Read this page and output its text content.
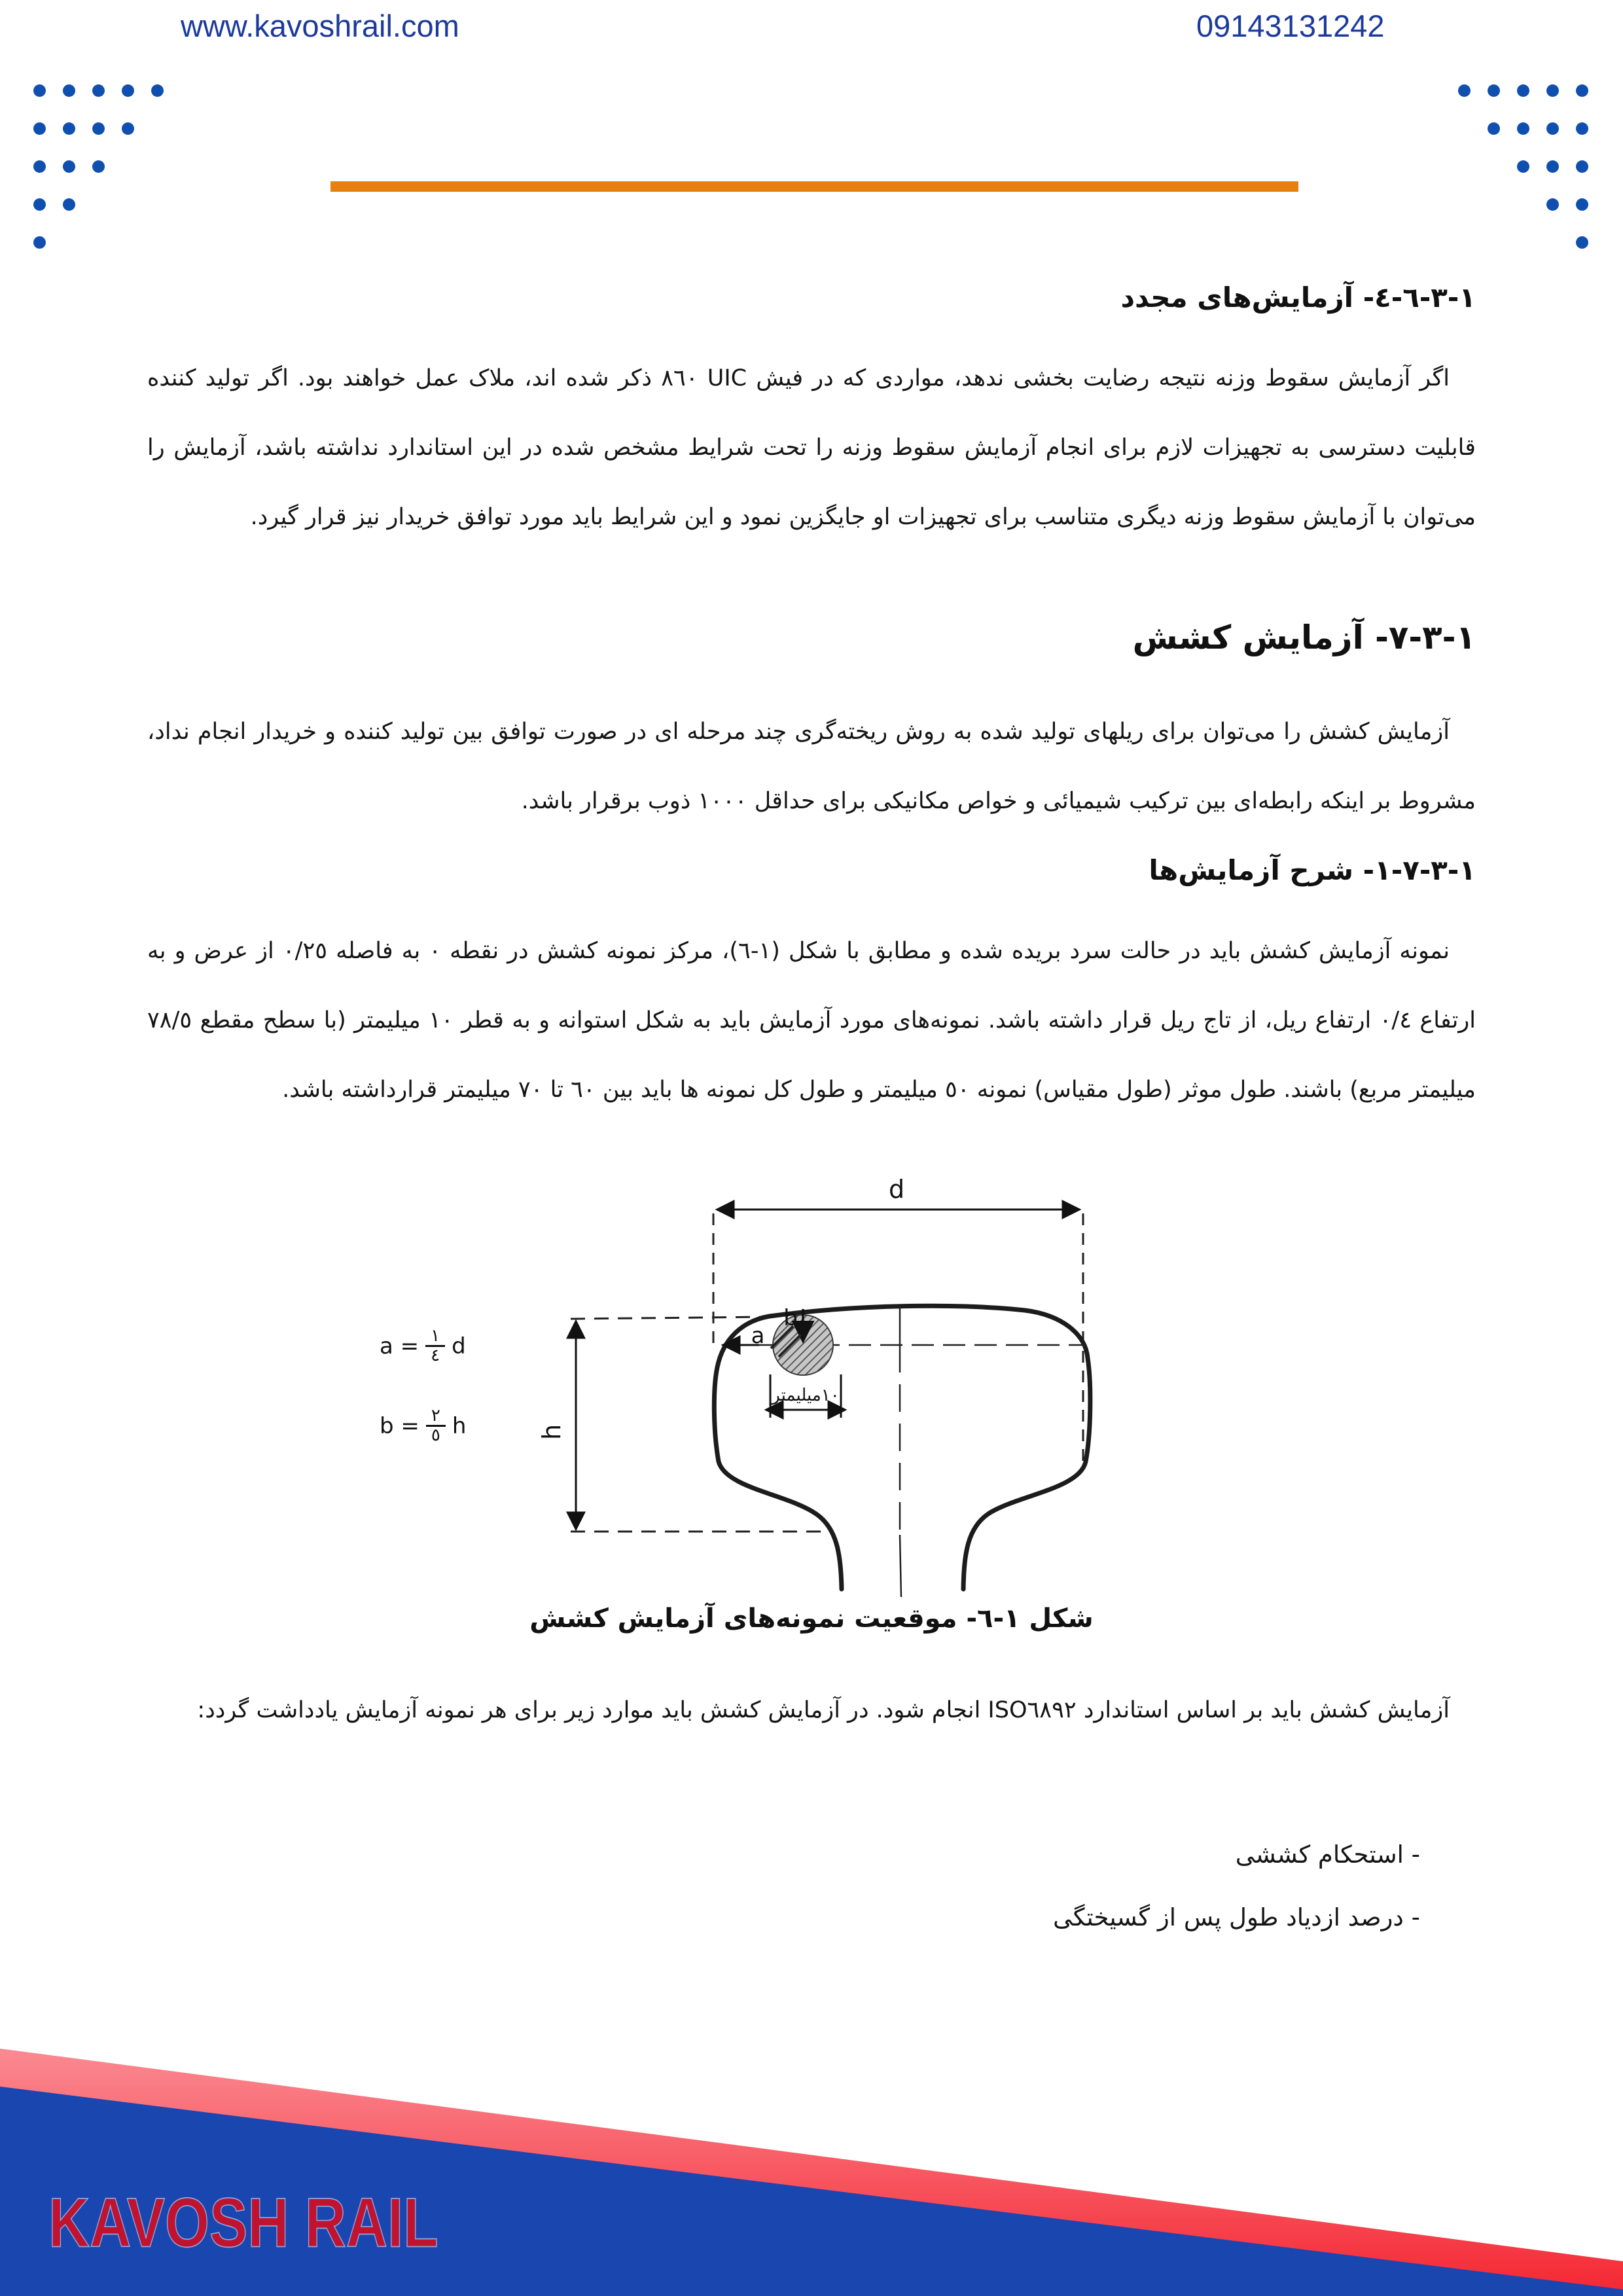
www.kavoshrail.com	09143131242
١-٣-٦-٤- آزمایش‌های مجدد
اگر آزمایش سقوط وزنه نتیجه رضایت بخشی ندهد، مواردی که در فیش UIC ٨٦٠ ذکر شده اند، ملاک عمل خواهند بود. اگر تولید کننده قابلیت دسترسی به تجهیزات لازم برای انجام آزمایش سقوط وزنه را تحت شرایط مشخص شده در این استاندارد نداشته باشد، آزمایش را می‌توان با آزمایش سقوط وزنه دیگری متناسب برای تجهیزات او جایگزین نمود و این شرایط باید مورد توافق خریدار نیز قرار گیرد.
١-٣-٧- آزمایش کشش
آزمایش کشش را می‌توان برای ریلهای تولید شده به روش ریخته‌گری چند مرحله ای در صورت توافق بین تولید کننده و خریدار انجام نداد، مشروط بر اینکه رابطه‌ای بین ترکیب شیمیائی و خواص مکانیکی برای حداقل ١٠٠٠ ذوب برقرار باشد.
١-٣-٧-١- شرح آزمایش‌ها
نمونه آزمایش کشش باید در حالت سرد بریده شده و مطابق با شکل (١-٦)، مرکز نمونه کشش در نقطه ٠ به فاصله ٠/٢٥ از عرض و به ارتفاع ٠/٤ ارتفاع ریل، از تاج ریل قرار داشته باشد. نمونه‌های مورد آزمایش باید به شکل استوانه و به قطر ١٠ میلیمتر (با سطح مقطع ٧٨/٥ میلیمتر مربع) باشند. طول موثر (طول مقیاس) نمونه ٥٠ میلیمتر و طول کل نمونه ها باید بین ٦٠ تا ٧٠ میلیمتر قرارداشته باشد.
d
h
a
b
١٠میلیمتر
$a = \frac{١}{٤}$ d
$b = \frac{٢}{٥}$ h
شکل ١-٦- موقعیت نمونه‌های آزمایش کشش
آزمایش کشش باید بر اساس استاندارد ISO٦٨٩٢ انجام شود. در آزمایش کشش باید موارد زیر برای هر نمونه آزمایش یادداشت گردد:
- استحکام کششی
- درصد ازدیاد طول پس از گسیختگی
KAVOSH RAIL
